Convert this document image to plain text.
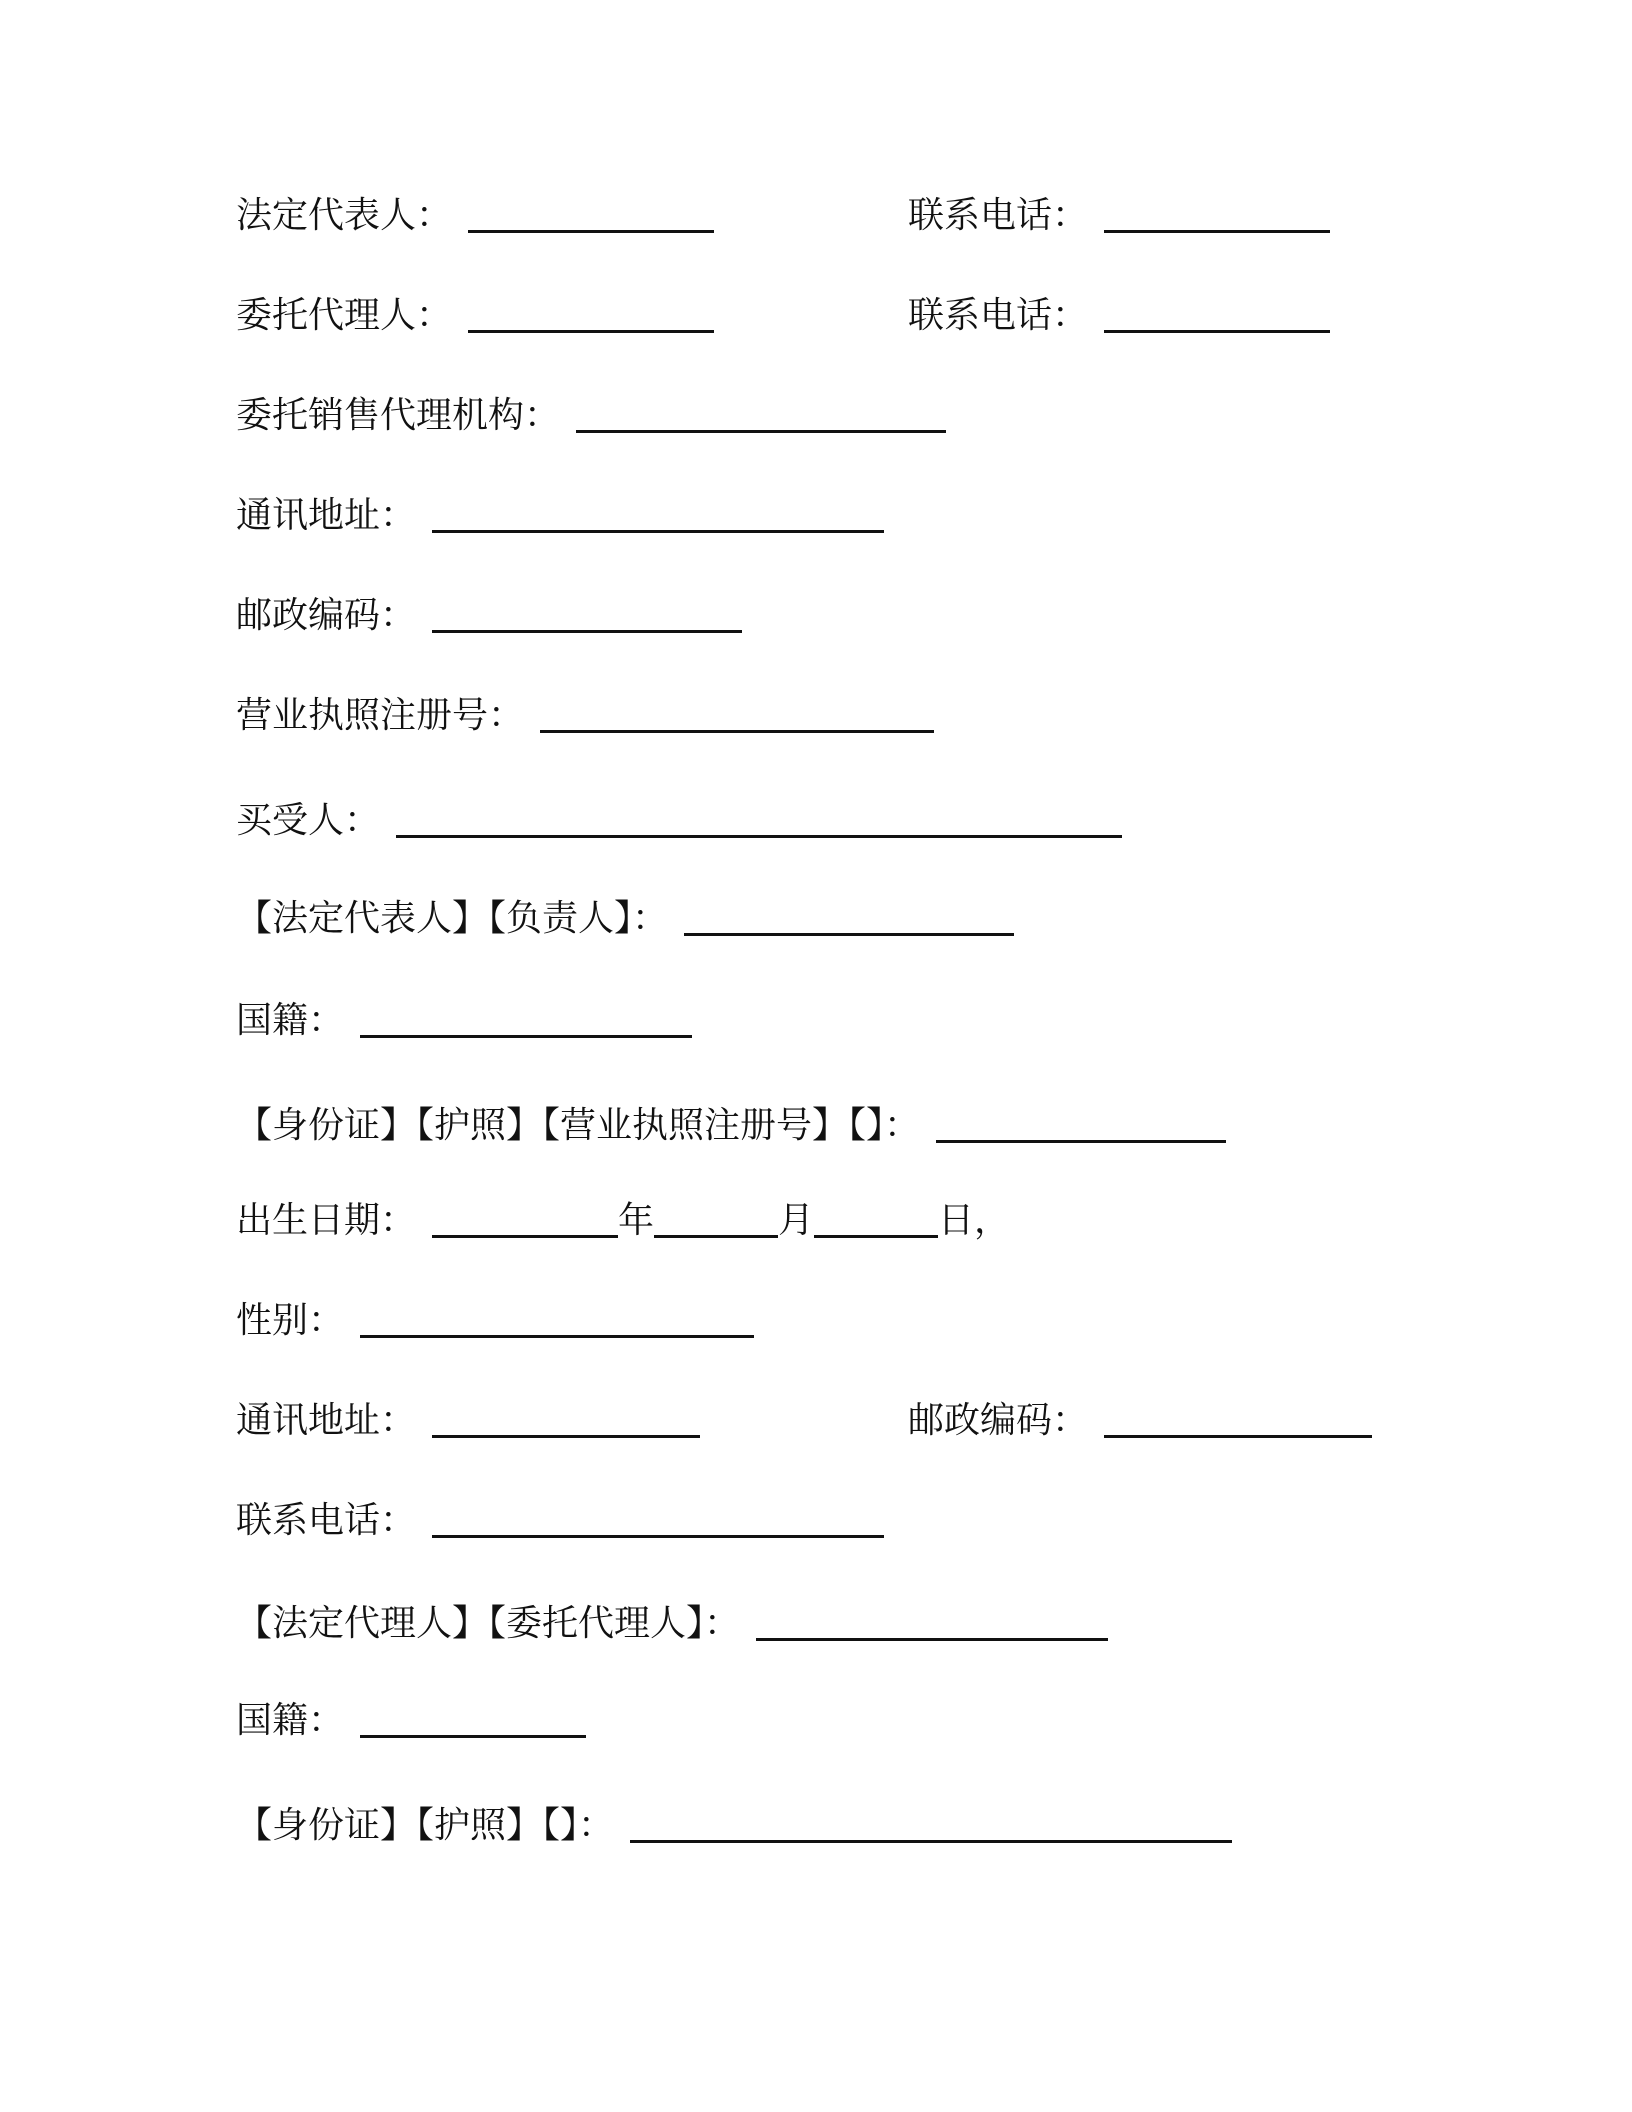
法定代表人：	联系电话：
委托代理人：	联系电话：
委托销售代理机构：
通讯地址：
邮政编码：
营业执照注册号：
买受人：
【法定代表人】【负责人】：
国籍：
【身份证】【护照】【营业执照注册号】【】：
出生日期：	年	月	日，
性别：
通讯地址：	邮政编码：
联系电话：
【法定代理人】【委托代理人】：
国籍：
【身份证】【护照】【】：
